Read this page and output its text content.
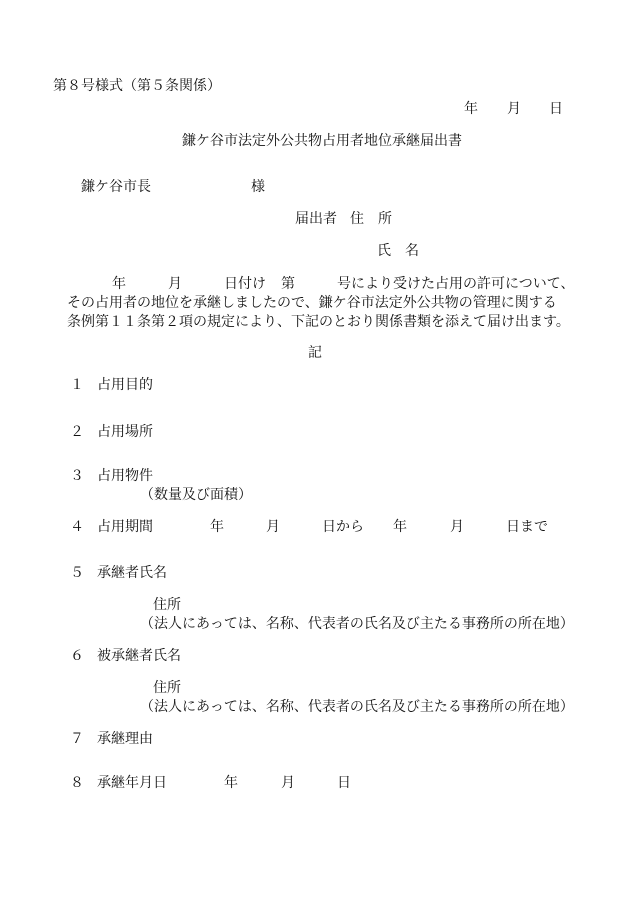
第８号様式（第５条関係）
年 月 日
鎌ケ谷市法定外公共物占用者地位承継届出書
鎌ケ谷市長	様
届出者 住　所
氏　名
年	月	日付け 第	号により受けた占用の許可について、
その占用者の地位を承継しましたので、鎌ケ谷市法定外公共物の管理に関する
条例第１１条第２項の規定により、下記のとおり関係書類を添えて届け出ます。
記
１ 占用目的
２ 占用場所
３ 占用物件
（数量及び面積）
４ 占用期間	年	月	日から 年	月	日まで
５ 承継者氏名
住所
（法人にあっては、名称、代表者の氏名及び主たる事務所の所在地）
６ 被承継者氏名
住所
（法人にあっては、名称、代表者の氏名及び主たる事務所の所在地）
７ 承継理由
８ 承継年月日	年	月	日
